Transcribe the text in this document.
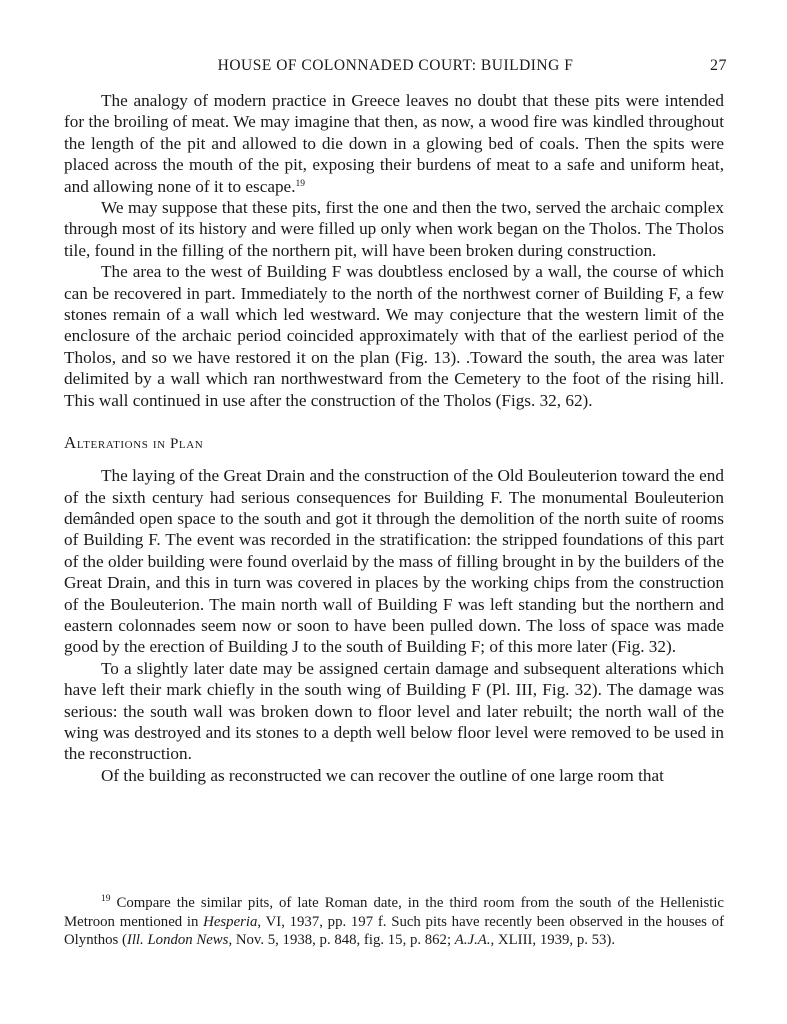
HOUSE OF COLONNADED COURT: BUILDING F	27

The analogy of modern practice in Greece leaves no doubt that these pits were intended for the broiling of meat. We may imagine that then, as now, a wood fire was kindled throughout the length of the pit and allowed to die down in a glowing bed of coals. Then the spits were placed across the mouth of the pit, exposing their burdens of meat to a safe and uniform heat, and allowing none of it to escape.$^{19}$

We may suppose that these pits, first the one and then the two, served the archaic complex through most of its history and were filled up only when work began on the Tholos. The Tholos tile, found in the filling of the northern pit, will have been broken during construction.

The area to the west of Building F was doubtless enclosed by a wall, the course of which can be recovered in part. Immediately to the north of the northwest corner of Building F, a few stones remain of a wall which led westward. We may conjecture that the western limit of the enclosure of the archaic period coincided approximately with that of the earliest period of the Tholos, and so we have restored it on the plan (Fig. 13). .Toward the south, the area was later delimited by a wall which ran northwestward from the Cemetery to the foot of the rising hill. This wall continued in use after the construction of the Tholos (Figs. 32, 62).

Alterations in Plan

The laying of the Great Drain and the construction of the Old Bouleuterion toward the end of the sixth century had serious consequences for Building F. The monumental Bouleuterion demânded open space to the south and got it through the demolition of the north suite of rooms of Building F. The event was recorded in the stratification: the stripped foundations of this part of the older building were found overlaid by the mass of filling brought in by the builders of the Great Drain, and this in turn was covered in places by the working chips from the construction of the Bouleuterion. The main north wall of Building F was left standing but the northern and eastern colonnades seem now or soon to have been pulled down. The loss of space was made good by the erection of Building J to the south of Building F; of this more later (Fig. 32).

To a slightly later date may be assigned certain damage and subsequent alterations which have left their mark chiefly in the south wing of Building F (Pl. III, Fig. 32). The damage was serious: the south wall was broken down to floor level and later rebuilt; the north wall of the wing was destroyed and its stones to a depth well below floor level were removed to be used in the reconstruction.

Of the building as reconstructed we can recover the outline of one large room that

$^{19}$ Compare the similar pits, of late Roman date, in the third room from the south of the Hellenistic Metroon mentioned in Hesperia, VI, 1937, pp. 197 f. Such pits have recently been observed in the houses of Olynthos (Ill. London News, Nov. 5, 1938, p. 848, fig. 15, p. 862; A.J.A., XLIII, 1939, p. 53).
